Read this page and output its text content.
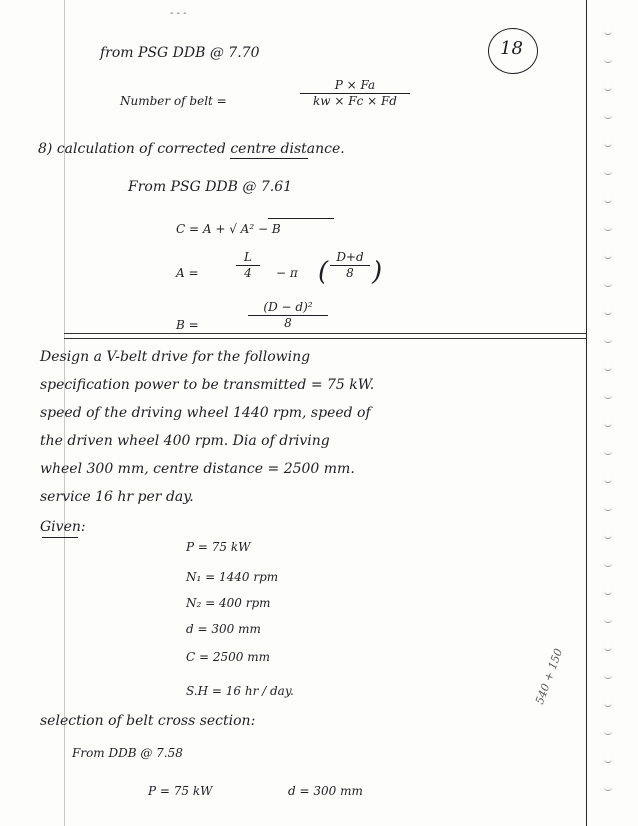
- - -
18
from PSG DDB @ 7.70
Number of belt =
P × Fa
kw × Fc × Fd
8) calculation of corrected centre distance.
From PSG DDB @ 7.61
C = A + √ A² − B
A =
L
4	− π ( D+d
8 )
B =
(D − d)²
8
Design a V-belt drive for the following
specification power to be transmitted = 75 kW.
speed of the driving wheel 1440 rpm, speed of
the driven wheel 400 rpm. Dia of driving
wheel 300 mm, centre distance = 2500 mm.
service 16 hr per day.
Given:
P = 75 kW
N₁ = 1440 rpm
N₂ = 400 rpm
d = 300 mm
C = 2500 mm
S.H = 16 hr / day.	540 + 150
selection of belt cross section:
From DDB @ 7.58
P = 75 kW	d = 300 mm
